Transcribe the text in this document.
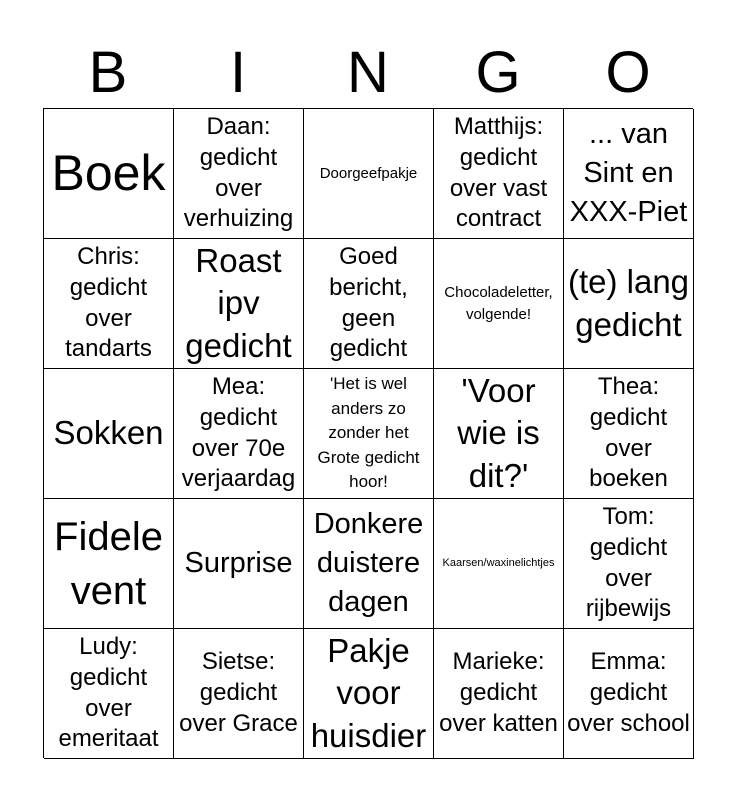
B	I	N	G	O
Boek
Daan: gedicht over verhuizing
Doorgeefpakje
Matthijs: gedicht over vast contract
... van Sint en XXX-Piet
Chris: gedicht over tandarts
Roast ipv gedicht
Goed bericht, geen gedicht
Chocoladeletter, volgende!
(te) lang gedicht
Sokken
Mea: gedicht over 70e verjaardag
'Het is wel anders zo zonder het Grote gedicht hoor!
'Voor wie is dit?'
Thea: gedicht over boeken
Fidele vent
Surprise
Donkere duistere dagen
Kaarsen/waxinelichtjes
Tom: gedicht over rijbewijs
Ludy: gedicht over emeritaat
Sietse: gedicht over Grace
Pakje voor huisdier
Marieke: gedicht over katten
Emma: gedicht over school
